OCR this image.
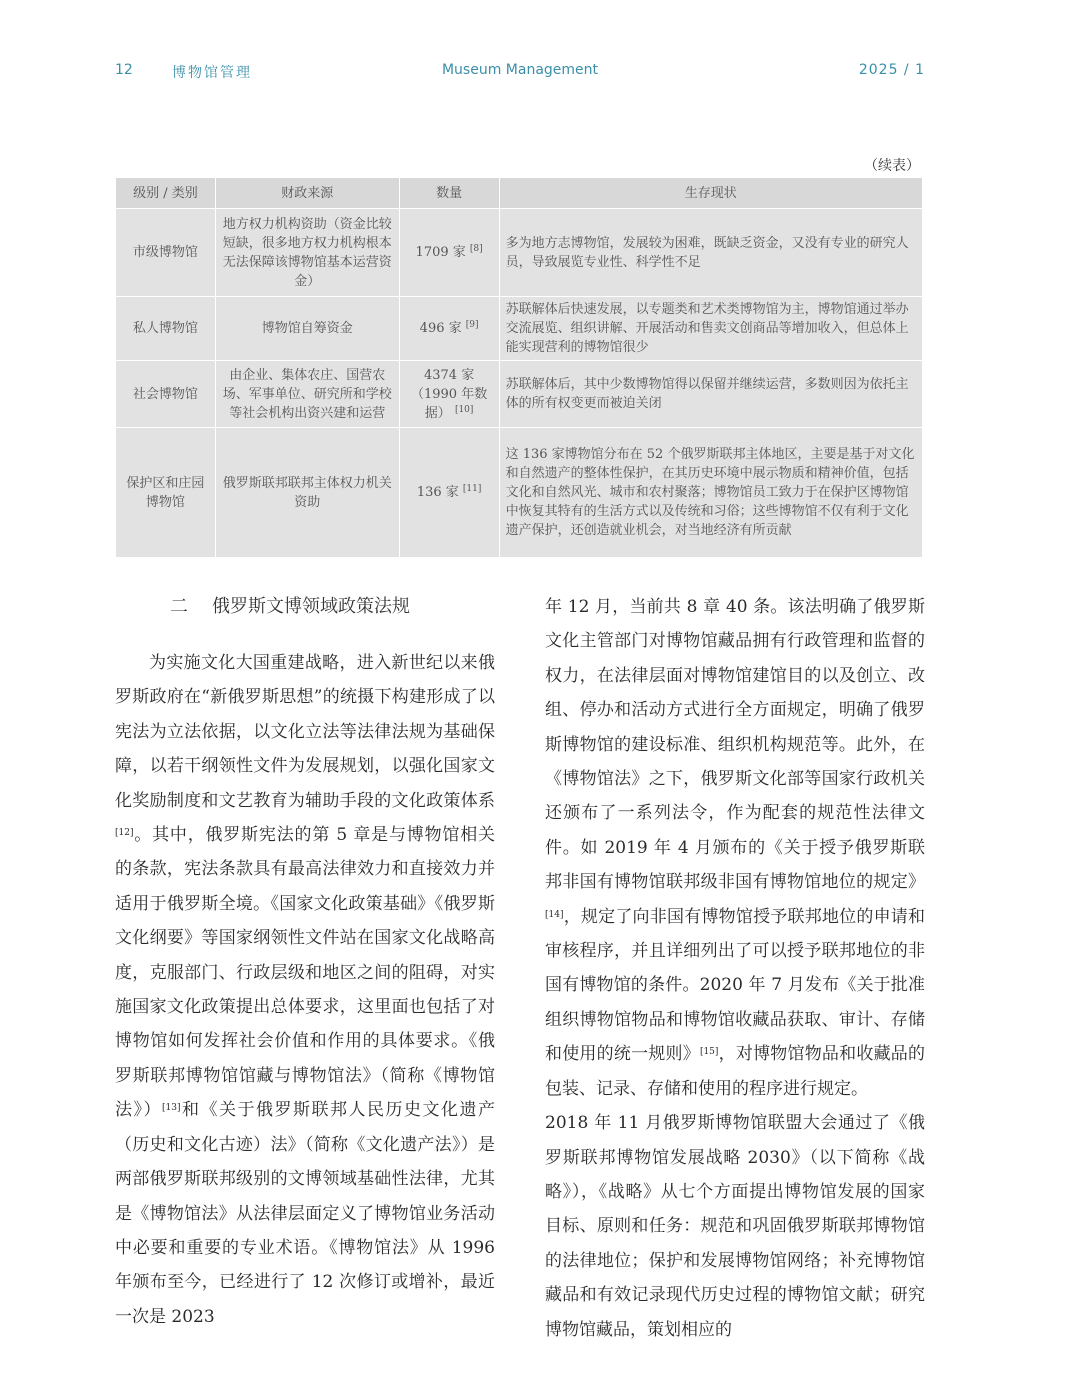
12	博物馆管理	Museum Management	2025 / 1
（续表）
级别 / 类别	财政来源	数量	生存现状
市级博物馆	地方权力机构资助（资金比较短缺，很多地方权力机构根本无法保障该博物馆基本运营资金）	1709 家 [8]	多为地方志博物馆，发展较为困难，既缺乏资金，又没有专业的研究人员，导致展览专业性、科学性不足
私人博物馆	博物馆自筹资金	496 家 [9]	苏联解体后快速发展，以专题类和艺术类博物馆为主，博物馆通过举办交流展览、组织讲解、开展活动和售卖文创商品等增加收入，但总体上能实现营利的博物馆很少
社会博物馆	由企业、集体农庄、国营农场、军事单位、研究所和学校等社会机构出资兴建和运营	4374 家（1990 年数据） [10]	苏联解体后，其中少数博物馆得以保留并继续运营，多数则因为依托主体的所有权变更而被迫关闭
保护区和庄园博物馆	俄罗斯联邦联邦主体权力机关资助	136 家 [11]	这 136 家博物馆分布在 52 个俄罗斯联邦主体地区，主要是基于对文化和自然遗产的整体性保护，在其历史环境中展示物质和精神价值，包括文化和自然风光、城市和农村聚落；博物馆员工致力于在保护区博物馆中恢复其特有的生活方式以及传统和习俗；这些博物馆不仅有利于文化遗产保护，还创造就业机会，对当地经济有所贡献
二 俄罗斯文博领域政策法规

为实施文化大国重建战略，进入新世纪以来俄罗斯政府在“新俄罗斯思想”的统摄下构建形成了以宪法为立法依据，以文化立法等法律法规为基础保障，以若干纲领性文件为发展规划，以强化国家文化奖励制度和文艺教育为辅助手段的文化政策体系[12]。其中，俄罗斯宪法的第 5 章是与博物馆相关的条款，宪法条款具有最高法律效力和直接效力并适用于俄罗斯全境。《国家文化政策基础》《俄罗斯文化纲要》等国家纲领性文件站在国家文化战略高度，克服部门、行政层级和地区之间的阻碍，对实施国家文化政策提出总体要求，这里面也包括了对博物馆如何发挥社会价值和作用的具体要求。《俄罗斯联邦博物馆馆藏与博物馆法》（简称《博物馆法》）[13]和《关于俄罗斯联邦人民历史文化遗产（历史和文化古迹）法》（简称《文化遗产法》）是两部俄罗斯联邦级别的文博领域基础性法律，尤其是《博物馆法》从法律层面定义了博物馆业务活动中必要和重要的专业术语。《博物馆法》从 1996 年颁布至今，已经进行了 12 次修订或增补，最近一次是 2023

年 12 月，当前共 8 章 40 条。该法明确了俄罗斯文化主管部门对博物馆藏品拥有行政管理和监督的权力，在法律层面对博物馆建馆目的以及创立、改组、停办和活动方式进行全方面规定，明确了俄罗斯博物馆的建设标准、组织机构规范等。此外，在《博物馆法》之下，俄罗斯文化部等国家行政机关还颁布了一系列法令，作为配套的规范性法律文件。如 2019 年 4 月颁布的《关于授予俄罗斯联邦非国有博物馆联邦级非国有博物馆地位的规定》[14]，规定了向非国有博物馆授予联邦地位的申请和审核程序，并且详细列出了可以授予联邦地位的非国有博物馆的条件。2020 年 7 月发布《关于批准组织博物馆物品和博物馆收藏品获取、审计、存储和使用的统一规则》[15]，对博物馆物品和收藏品的包装、记录、存储和使用的程序进行规定。

2018 年 11 月俄罗斯博物馆联盟大会通过了《俄罗斯联邦博物馆发展战略 2030》（以下简称《战略》），《战略》从七个方面提出博物馆发展的国家目标、原则和任务：规范和巩固俄罗斯联邦博物馆的法律地位；保护和发展博物馆网络；补充博物馆藏品和有效记录现代历史过程的博物馆文献；研究博物馆藏品，策划相应的
